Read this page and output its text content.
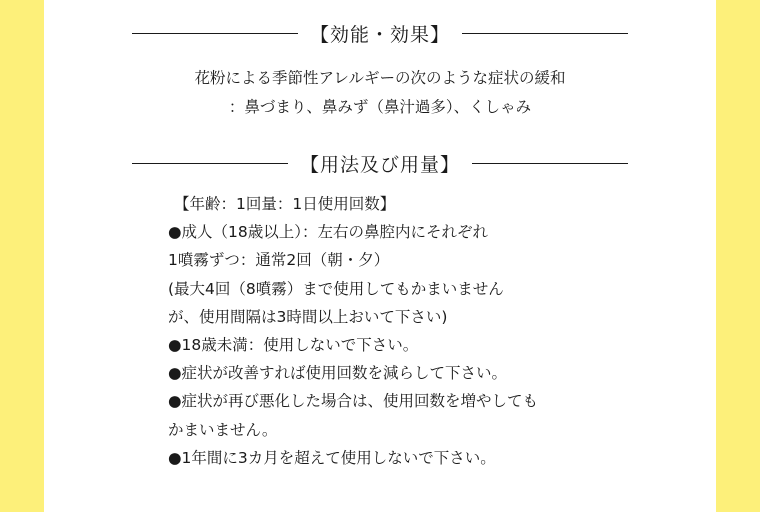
【効能・効果】
花粉による季節性アレルギーの次のような症状の緩和
：鼻づまり、鼻みず（鼻汁過多）、くしゃみ
【用法及び用量】
【年齢：1回量：1日使用回数】
●成人（18歳以上）：左右の鼻腔内にそれぞれ
1噴霧ずつ：通常2回（朝・夕）
(最大4回（8噴霧）まで使用してもかまいません
が、使用間隔は3時間以上おいて下さい)
●18歳未満：使用しないで下さい。
●症状が改善すれば使用回数を減らして下さい。
●症状が再び悪化した場合は、使用回数を増やしても
かまいません。
●1年間に3カ月を超えて使用しないで下さい。
